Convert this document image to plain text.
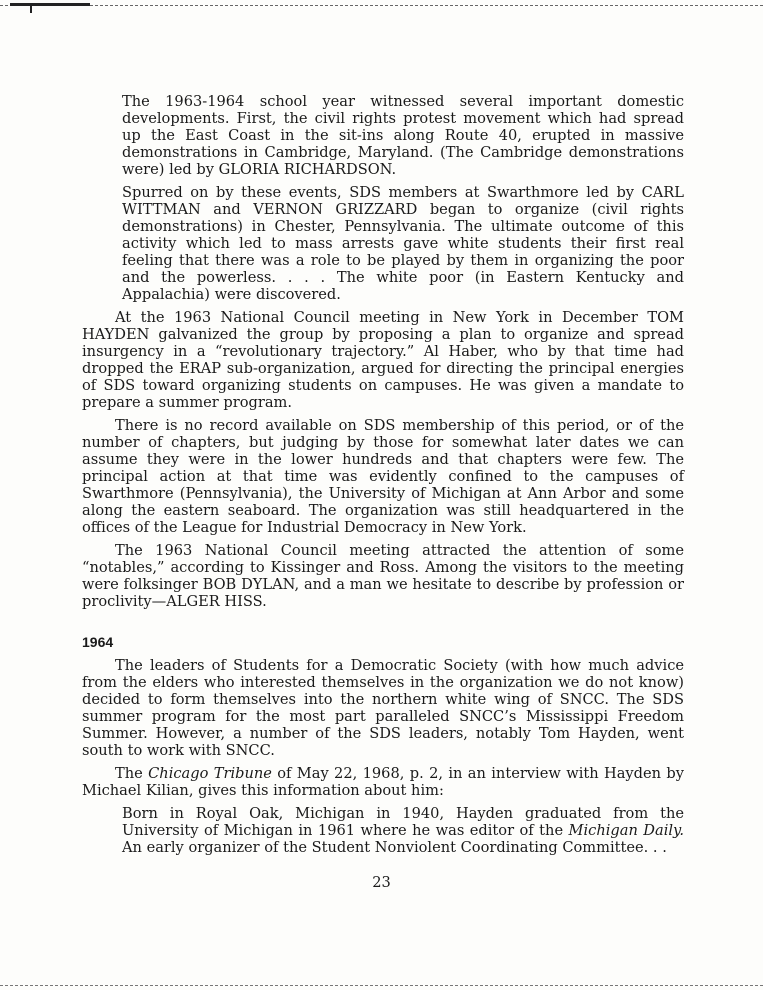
The 1963-1964 school year witnessed several important domestic developments. First, the civil rights protest movement which had spread up the East Coast in the sit-ins along Route 40, erupted in massive demonstrations in Cambridge, Maryland. (The Cambridge demonstrations were) led by GLORIA RICHARDSON.

Spurred on by these events, SDS members at Swarthmore led by CARL WITTMAN and VERNON GRIZZARD began to organize (civil rights demonstrations) in Chester, Pennsylvania. The ultimate outcome of this activity which led to mass arrests gave white students their first real feeling that there was a role to be played by them in organizing the poor and the powerless. . . . The white poor (in Eastern Kentucky and Appalachia) were discovered.

At the 1963 National Council meeting in New York in December TOM HAYDEN galvanized the group by proposing a plan to organize and spread insurgency in a “revolutionary trajectory.” Al Haber, who by that time had dropped the ERAP sub-organization, argued for directing the principal energies of SDS toward organizing students on campuses. He was given a mandate to prepare a summer program.

There is no record available on SDS membership of this period, or of the number of chapters, but judging by those for somewhat later dates we can assume they were in the lower hundreds and that chapters were few. The principal action at that time was evidently confined to the campuses of Swarthmore (Pennsylvania), the University of Michigan at Ann Arbor and some along the eastern seaboard. The organization was still headquartered in the offices of the League for Industrial Democracy in New York.

The 1963 National Council meeting attracted the attention of some “notables,” according to Kissinger and Ross. Among the visitors to the meeting were folksinger BOB DYLAN, and a man we hesitate to describe by profession or proclivity—ALGER HISS.

1964

The leaders of Students for a Democratic Society (with how much advice from the elders who interested themselves in the organization we do not know) decided to form themselves into the northern white wing of SNCC. The SDS summer program for the most part paralleled SNCC’s Mississippi Freedom Summer. However, a number of the SDS leaders, notably Tom Hayden, went south to work with SNCC.

The Chicago Tribune of May 22, 1968, p. 2, in an interview with Hayden by Michael Kilian, gives this information about him:

Born in Royal Oak, Michigan in 1940, Hayden graduated from the University of Michigan in 1961 where he was editor of the Michigan Daily. An early organizer of the Student Nonviolent Coordinating Committee. . .

23
